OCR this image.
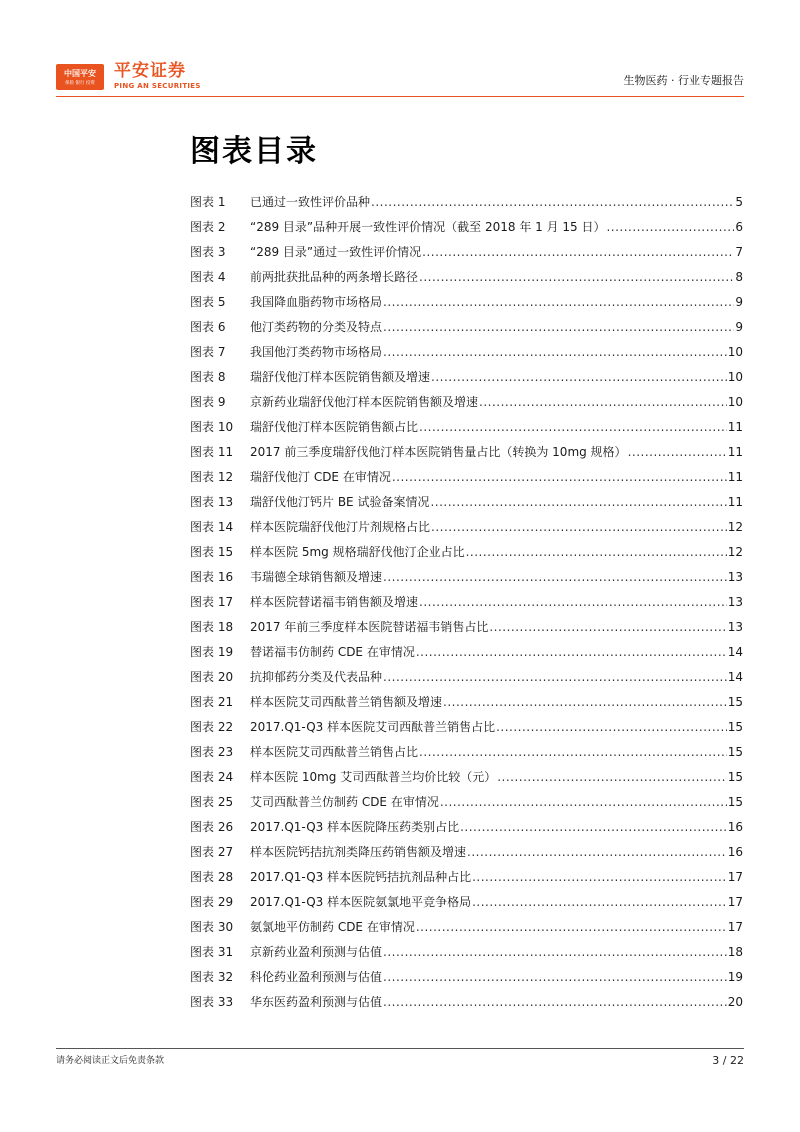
中国平安
保险 银行 投资
平安证券
PING AN SECURITIES	生物医药 · 行业专题报告
图表目录
图表 1	已通过一致性评价品种 .....	5
图表 2	“289 目录”品种开展一致性评价情况（截至 2018 年 1 月 15 日） .....	6
图表 3	“289 目录”通过一致性评价情况 .....	7
图表 4	前两批获批品种的两条增长路径 .....	8
图表 5	我国降血脂药物市场格局 .....	9
图表 6	他汀类药物的分类及特点 .....	9
图表 7	我国他汀类药物市场格局 .....	10
图表 8	瑞舒伐他汀样本医院销售额及增速 .....	10
图表 9	京新药业瑞舒伐他汀样本医院销售额及增速 .....	10
图表 10	瑞舒伐他汀样本医院销售额占比 .....	11
图表 11	2017 前三季度瑞舒伐他汀样本医院销售量占比（转换为 10mg 规格） .....	11
图表 12	瑞舒伐他汀 CDE 在审情况 .....	11
图表 13	瑞舒伐他汀钙片 BE 试验备案情况 .....	11
图表 14	样本医院瑞舒伐他汀片剂规格占比 .....	12
图表 15	样本医院 5mg 规格瑞舒伐他汀企业占比 .....	12
图表 16	韦瑞德全球销售额及增速 .....	13
图表 17	样本医院替诺福韦销售额及增速 .....	13
图表 18	2017 年前三季度样本医院替诺福韦销售占比 .....	13
图表 19	替诺福韦仿制药 CDE 在审情况 .....	14
图表 20	抗抑郁药分类及代表品种 .....	14
图表 21	样本医院艾司西酞普兰销售额及增速 .....	15
图表 22	2017.Q1-Q3 样本医院艾司西酞普兰销售占比 .....	15
图表 23	样本医院艾司西酞普兰销售占比 .....	15
图表 24	样本医院 10mg 艾司西酞普兰均价比较（元） .....	15
图表 25	艾司西酞普兰仿制药 CDE 在审情况 .....	15
图表 26	2017.Q1-Q3 样本医院降压药类别占比 .....	16
图表 27	样本医院钙拮抗剂类降压药销售额及增速 .....	16
图表 28	2017.Q1-Q3 样本医院钙拮抗剂品种占比 .....	17
图表 29	2017.Q1-Q3 样本医院氨氯地平竞争格局 .....	17
图表 30	氨氯地平仿制药 CDE 在审情况 .....	17
图表 31	京新药业盈利预测与估值 .....	18
图表 32	科伦药业盈利预测与估值 .....	19
图表 33	华东医药盈利预测与估值 .....	20
请务必阅读正文后免责条款	3 / 22
